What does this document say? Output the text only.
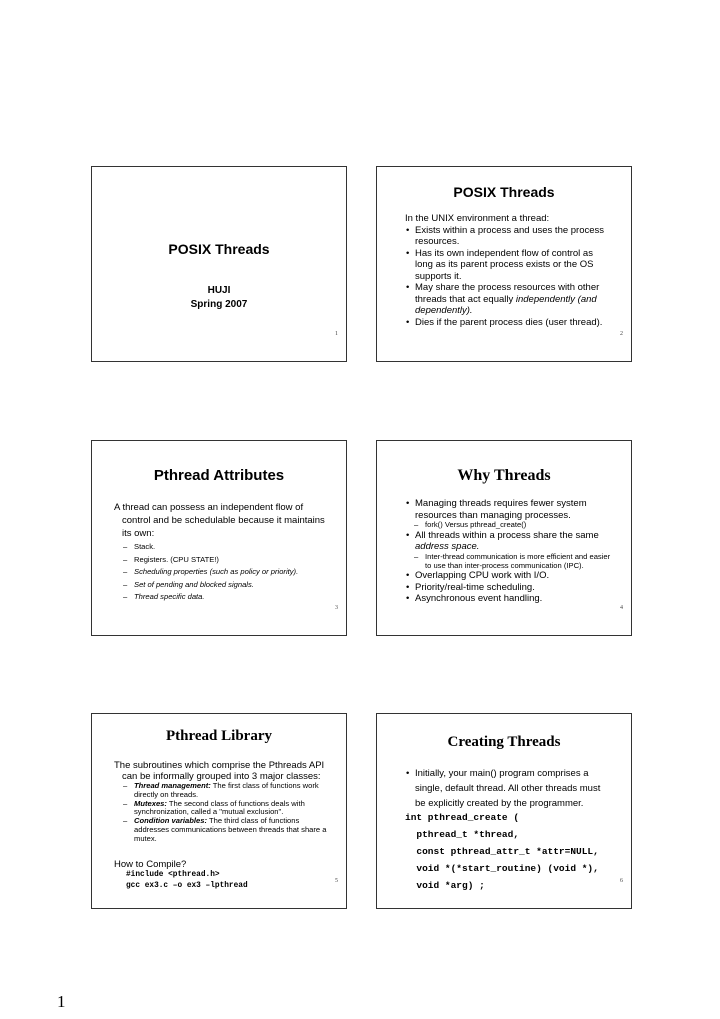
POSIX Threads
HUJI
Spring 2007
1
POSIX Threads
In the UNIX environment a thread:
• Exists within a process and uses the process resources.
• Has its own independent flow of control as long as its parent process exists or the OS supports it.
• May share the process resources with other threads that act equally independently (and dependently).
• Dies if the parent process dies (user thread).
2
Pthread Attributes
A thread can possess an independent flow of control and be schedulable because it maintains its own:
– Stack.
– Registers. (CPU STATE!)
– Scheduling properties (such as policy or priority).
– Set of pending and blocked signals.
– Thread specific data.
3
Why Threads
• Managing threads requires fewer system resources than managing processes.
– fork() Versus pthread_create()
• All threads within a process share the same address space.
– Inter-thread communication is more efficient and easier to use than inter-process communication (IPC).
• Overlapping CPU work with I/O.
• Priority/real-time scheduling.
• Asynchronous event handling.
4
Pthread Library
The subroutines which comprise the Pthreads API can be informally grouped into 3 major classes:
– Thread management: The first class of functions work directly on threads.
– Mutexes: The second class of functions deals with synchronization, called a "mutual exclusion".
– Condition variables: The third class of functions addresses communications between threads that share a mutex.
How to Compile?
#include <pthread.h>
gcc ex3.c –o ex3 –lpthread
5
Creating Threads
• Initially, your main() program comprises a
single, default thread. All other threads must
be explicitly created by the programmer.
int pthread_create (
pthread_t *thread,
const pthread_attr_t *attr=NULL,
void *(*start_routine) (void *),
void *arg) ;	6
1
